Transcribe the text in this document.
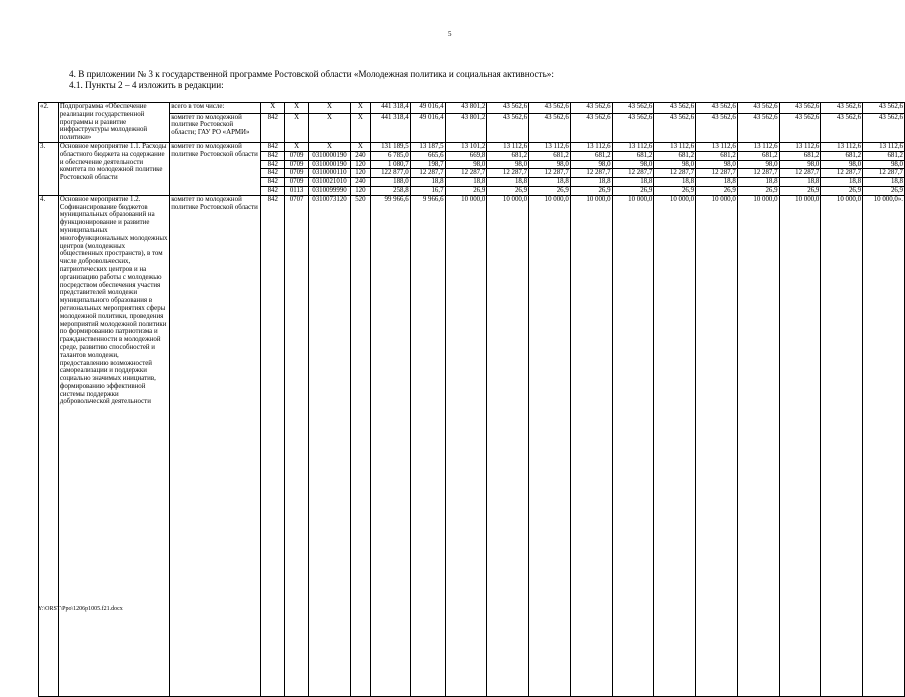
5
4. В приложении № 3 к государственной программе Ростовской области «Молодежная политика и социальная активность»:
4.1. Пункты 2 – 4 изложить в редакции:
«2.	Подпрограмма «Обеспечение реализации государственной программы и развитие инфраструктуры молодежной политики»	всего в том числе:	Х	Х	Х	Х	441 318,4	49 016,4	43 801,2	43 562,6	43 562,6	43 562,6	43 562,6	43 562,6	43 562,6	43 562,6	43 562,6	43 562,6	43 562,6
		комитет по молодежной политике Ростовской области; ГАУ РО «АРМИ»	842	Х	Х	Х	441 318,4	49 016,4	43 801,2	43 562,6	43 562,6	43 562,6	43 562,6	43 562,6	43 562,6	43 562,6	43 562,6	43 562,6	43 562,6
3.	Основное мероприятие 1.1. Расходы областного бюджета на содержание и обеспечение деятельности комитета по молодежной политике Ростовской области	комитет по молодежной политике Ростовской области	842	Х	Х	Х	131 189,5	13 187,5	13 101,2	13 112,6	13 112,6	13 112,6	13 112,6	13 112,6	13 112,6	13 112,6	13 112,6	13 112,6	13 112,6
			842	0709	0310000190	240	6 785,0	665,6	669,8	681,2	681,2	681,2	681,2	681,2	681,2	681,2	681,2	681,2	681,2
			842	0709	0310000190	120	1 080,7	198,7	98,0	98,0	98,0	98,0	98,0	98,0	98,0	98,0	98,0	98,0	98,0
			842	0709	0310000110	120	122 877,0	12 287,7	12 287,7	12 287,7	12 287,7	12 287,7	12 287,7	12 287,7	12 287,7	12 287,7	12 287,7	12 287,7	12 287,7
			842	0709	0310021010	240	188,0	18,8	18,8	18,8	18,8	18,8	18,8	18,8	18,8	18,8	18,8	18,8	18,8
			842	0113	0310099990	120	258,8	16,7	26,9	26,9	26,9	26,9	26,9	26,9	26,9	26,9	26,9	26,9	26,9
4.	Основное мероприятие 1.2. Софинансирование бюджетов муниципальных образований на функционирование и развитие муниципальных многофункциональных молодежных центров (молодежных общественных пространств), в том числе добровольческих, патриотических центров и на организацию работы с молодежью посредством обеспечения участия представителей молодежи муниципального образования в региональных мероприятиях сферы молодежной политики, проведения мероприятий молодежной политики по формированию патриотизма и гражданственности в молодежной среде, развитию способностей и талантов молодежи, предоставлению возможностей самореализации и поддержки социально значимых инициатив, формированию эффективной системы поддержки добровольческой деятельности	комитет по молодежной политике Ростовской области	842	0707	0310073120	520	99 966,6	9 966,6	10 000,0	10 000,0	10 000,0	10 000,0	10 000,0	10 000,0	10 000,0	10 000,0	10 000,0	10 000,0	10 000,0».
Y:\ORST\Ppo\1206p1005.f21.docx
